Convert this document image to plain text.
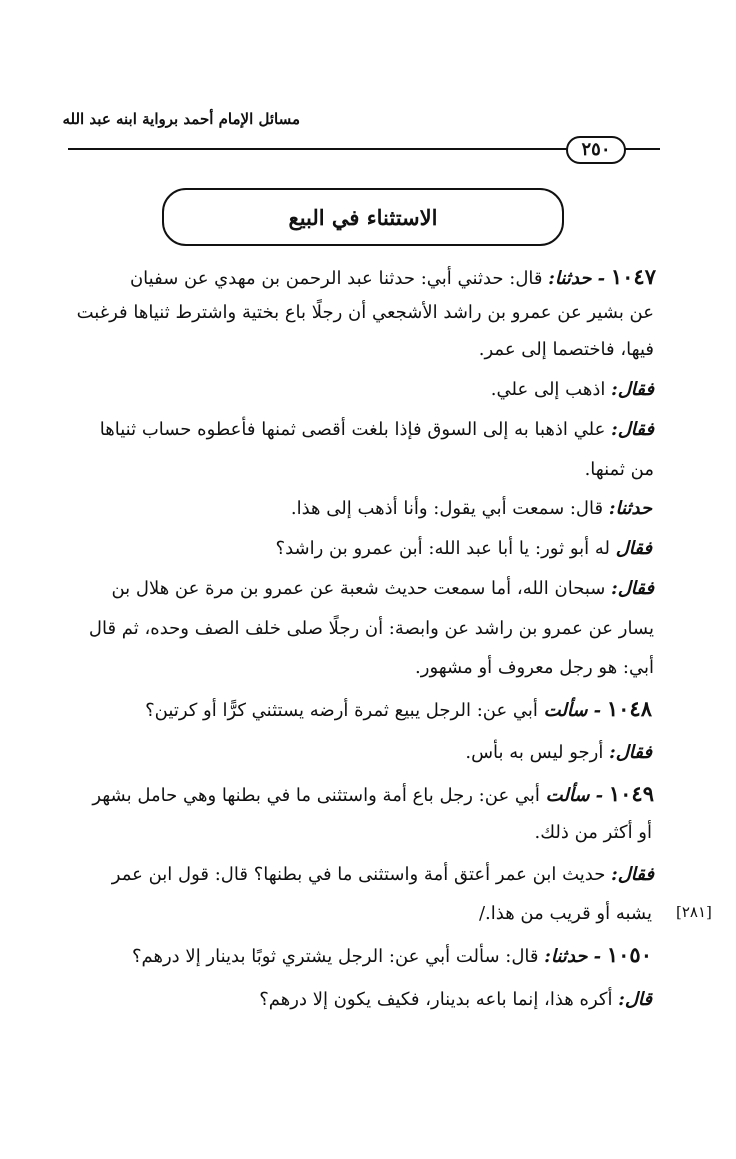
مسائل الإمام أحمد برواية ابنه عبد الله
٢٥٠
الاستثناء في البيع
١٠٤٧ - حدثنا: قال: حدثني أبي: حدثنا عبد الرحمن بن مهدي عن سفيان
عن بشير عن عمرو بن راشد الأشجعي أن رجلًا باع بختية واشترط ثنياها فرغبت
فيها، فاختصما إلى عمر.
فقال: اذهب إلى علي.
فقال: علي اذهبا به إلى السوق فإذا بلغت أقصى ثمنها فأعطوه حساب ثنياها
من ثمنها.
حدثنا: قال: سمعت أبي يقول: وأنا أذهب إلى هذا.
فقال له أبو ثور: يا أبا عبد الله: أبن عمرو بن راشد؟
فقال: سبحان الله، أما سمعت حديث شعبة عن عمرو بن مرة عن هلال بن
يسار عن عمرو بن راشد عن وابصة: أن رجلًا صلى خلف الصف وحده، ثم قال
أبي: هو رجل معروف أو مشهور.
١٠٤٨ - سألت أبي عن: الرجل يبيع ثمرة أرضه يستثني كرًّا أو كرتين؟
فقال: أرجو ليس به بأس.
١٠٤٩ - سألت أبي عن: رجل باع أمة واستثنى ما في بطنها وهي حامل بشهر
أو أكثر من ذلك.
فقال: حديث ابن عمر أعتق أمة واستثنى ما في بطنها؟ قال: قول ابن عمر
يشبه أو قريب من هذا./ [٢٨١]
١٠٥٠ - حدثنا: قال: سألت أبي عن: الرجل يشتري ثوبًا بدينار إلا درهم؟
قال: أكره هذا، إنما باعه بدينار، فكيف يكون إلا درهم؟
